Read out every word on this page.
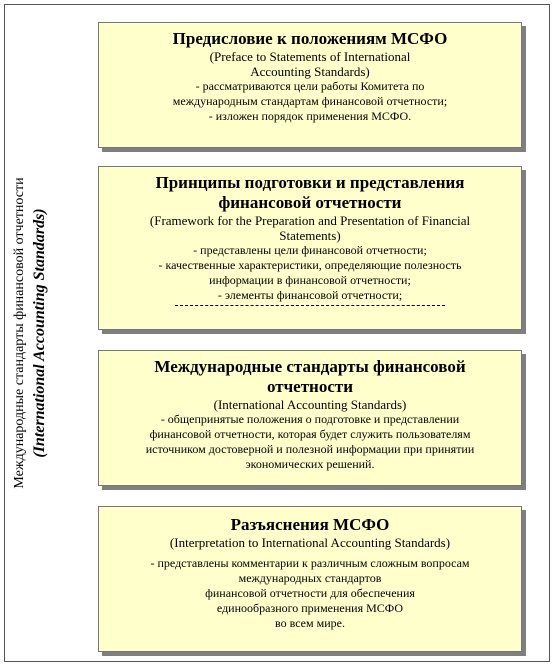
Международные стандарты финансовой отчетности (International Accounting Standards)
Предисловие к положениям МСФО
(Preface to Statements of International
Accounting Standards)
- рассматриваются цели работы Комитета по
международным стандартам финансовой отчетности;
- изложен порядок применения МСФО.
Принципы подготовки и представления
финансовой отчетности
(Framework for the Preparation and Presentation of Financial
Statements)
- представлены цели финансовой отчетности;
- качественные характеристики, определяющие полезность
информации в финансовой отчетности;
- элементы финансовой отчетности;
Международные стандарты финансовой
отчетности
(International Accounting Standards)
- общепринятые положения о подготовке и представлении
финансовой отчетности, которая будет служить пользователям
источником достоверной и полезной информации при принятии
экономических решений.
Разъяснения МСФО
(Interpretation to International Accounting Standards)
- представлены комментарии к различным сложным вопросам
международных стандартов
финансовой отчетности для обеспечения
единообразного применения МСФО
во всем мире.
